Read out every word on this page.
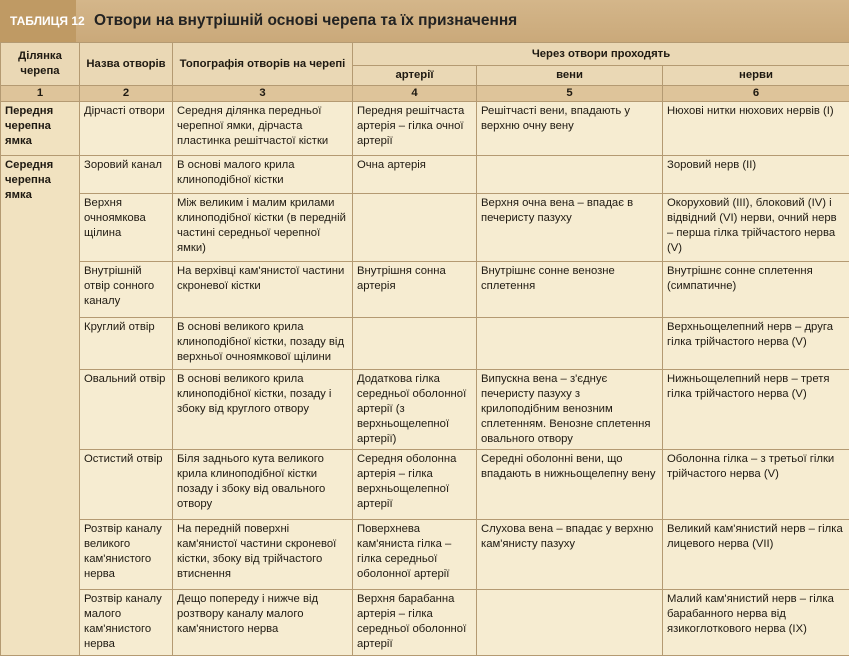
ТАБЛИЦЯ 12 Отвори на внутрішній основі черепа та їх призначення
Ділянка черепа	Назва отворів	Топографія отворів на черепі	Через отвори проходять		
			артерії	вени	нерви
1	2	3	4	5	6
Передня черепна ямка	Дірчасті отвори	Середня ділянка передньої черепної ямки, дірчаста пластинка решітчастої кістки	Передня решітчаста артерія – гілка очної артерії	Решітчасті вени, впадають у верхню очну вену	Нюхові нитки нюхових нервів (I)
Середня черепна ямка	Зоровий канал	В основі малого крила клиноподібної кістки	Очна артерія		Зоровий нерв (II)
	Верхня очноямкова щілина	Між великим і малим крилами клиноподібної кістки (в передній частині середньої черепної ямки)		Верхня очна вена – впадає в печеристу пазуху	Окоруховий (III), блоковий (IV) і відвідний (VI) нерви, очний нерв – перша гілка трійчастого нерва (V)
	Внутрішній отвір сонного каналу	На верхівці кам'янистої частини скроневої кістки	Внутрішня сонна артерія	Внутрішнє сонне венозне сплетення	Внутрішнє сонне сплетення (симпатичне)
	Круглий отвір	В основі великого крила клиноподібної кістки, позаду від верхньої очноямкової щілини			Верхньощелепний нерв – друга гілка трійчастого нерва (V)
	Овальний отвір	В основі великого крила клиноподібної кістки, позаду і збоку від круглого отвору	Додаткова гілка середньої оболонної артерії (з верхньощелепної артерії)	Випускна вена – з'єднує печеристу пазуху з крилоподібним венозним сплетенням. Венозне сплетення овального отвору	Нижньощелепний нерв – третя гілка трійчастого нерва (V)
	Остистий отвір	Біля заднього кута великого крила клиноподібної кістки позаду і збоку від овального отвору	Середня оболонна артерія – гілка верхньощелепної артерії	Середні оболонні вени, що впадають в нижньощелепну вену	Оболонна гілка – з третьої гілки трійчастого нерва (V)
	Розтвір каналу великого кам'янистого нерва	На передній поверхні кам'янистої частини скроневої кістки, збоку від трійчастого втиснення	Поверхнева кам'яниста гілка – гілка середньої оболонної артерії	Слухова вена – впадає у верхню кам'янисту пазуху	Великий кам'янистий нерв – гілка лицевого нерва (VII)
	Розтвір каналу малого кам'янистого нерва	Дещо попереду і нижче від розтвору каналу малого кам'янистого нерва	Верхня барабанна артерія – гілка середньої оболонної артерії		Малий кам'янистий нерв – гілка барабанного нерва від язикоглоткового нерва (IX)
